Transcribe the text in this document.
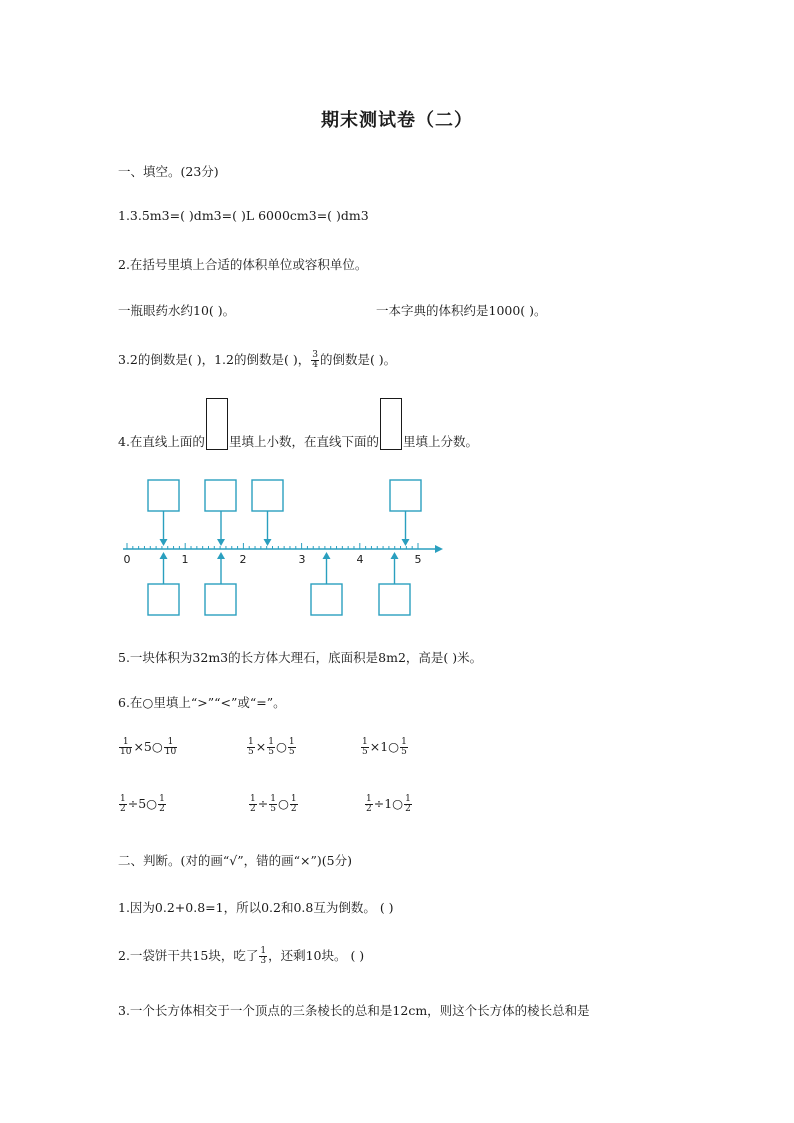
期末测试卷（二）
一、填空。(23分)
1.3.5m3=( )dm3=( )L 6000cm3=( )dm3
2.在括号里填上合适的体积单位或容积单位。
一瓶眼药水约10( )。	一本字典的体积约是1000( )。
3.2的倒数是( )，1.2的倒数是( )， $\frac{3}{4}$ 的倒数是( )。
4.在直线上面的 里填上小数，在直线下面的 里填上分数。
0	1	2	3	4	5
5.一块体积为32m3的长方体大理石，底面积是8m2，高是( )米。
6.在○里填上“>”“<”或“=”。
$\frac{1}{10}$ ×5○ $\frac{1}{10}$	$\frac{1}{5} \times \frac{1}{5}$ ○ $\frac{1}{5}$	$\frac{1}{5}$ ×1○ $\frac{1}{5}$
$\frac{1}{2}$ ÷5○ $\frac{1}{2}$	$\frac{1}{2} \div \frac{1}{5}$ ○ $\frac{1}{2}$	$\frac{1}{2}$ ÷1○ $\frac{1}{2}$
二、判断。(对的画“√”，错的画“×”)(5分)
1.因为0.2+0.8=1，所以0.2和0.8互为倒数。 ( )
2.一袋饼干共15块，吃了 $\frac{1}{3}$ ，还剩10块。 ( )
3.一个长方体相交于一个顶点的三条棱长的总和是12cm，则这个长方体的棱长总和是
